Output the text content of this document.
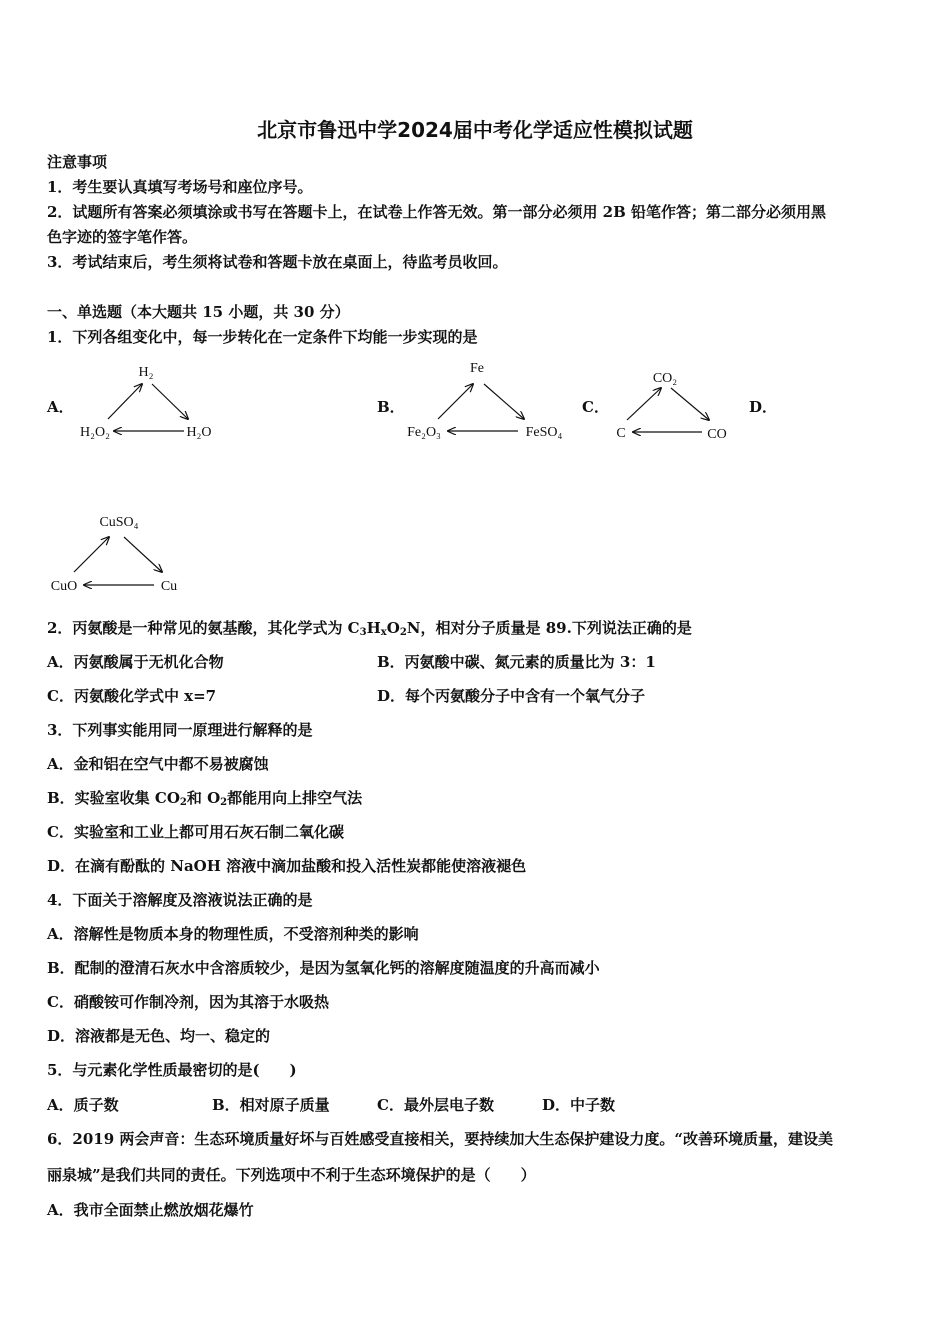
北京市鲁迅中学2024届中考化学适应性模拟试题
注意事项
1．考生要认真填写考场号和座位序号。
2．试题所有答案必须填涂或书写在答题卡上，在试卷上作答无效。第一部分必须用 2B 铅笔作答；第二部分必须用黑
色字迹的签字笔作答。
3．考试结束后，考生须将试卷和答题卡放在桌面上，待监考员收回。
一、单选题（本大题共 15 小题，共 30 分）
1．下列各组变化中，每一步转化在一定条件下均能一步实现的是
A．
H₂
H₂O₂	H₂O
B．
Fe
Fe₂O₃	FeSO₄
C．
CO₂
C	CO
D．
CuSO₄
CuO	Cu
2．丙氨酸是一种常见的氨基酸，其化学式为 $C_3H_xO_2N$，相对分子质量是 89.下列说法正确的是
A．丙氨酸属于无机化合物	B．丙氨酸中碳、氮元素的质量比为 3：1
C．丙氨酸化学式中 x=7	D．每个丙氨酸分子中含有一个氧气分子
3．下列事实能用同一原理进行解释的是
A．金和铝在空气中都不易被腐蚀
B．实验室收集 $CO_2$和 $O_2$都能用向上排空气法
C．实验室和工业上都可用石灰石制二氧化碳
D．在滴有酚酞的 NaOH 溶液中滴加盐酸和投入活性炭都能使溶液褪色
4．下面关于溶解度及溶液说法正确的是
A．溶解性是物质本身的物理性质，不受溶剂种类的影响
B．配制的澄清石灰水中含溶质较少，是因为氢氧化钙的溶解度随温度的升高而减小
C．硝酸铵可作制冷剂，因为其溶于水吸热
D．溶液都是无色、均一、稳定的
5．与元素化学性质最密切的是(　　)
A．质子数	B．相对原子质量	C．最外层电子数	D．中子数
6．2019 两会声音：生态环境质量好坏与百姓感受直接相关，要持续加大生态保护建设力度。“改善环境质量，建设美
丽泉城”是我们共同的责任。下列选项中不利于生态环境保护的是（　　）
A．我市全面禁止燃放烟花爆竹
